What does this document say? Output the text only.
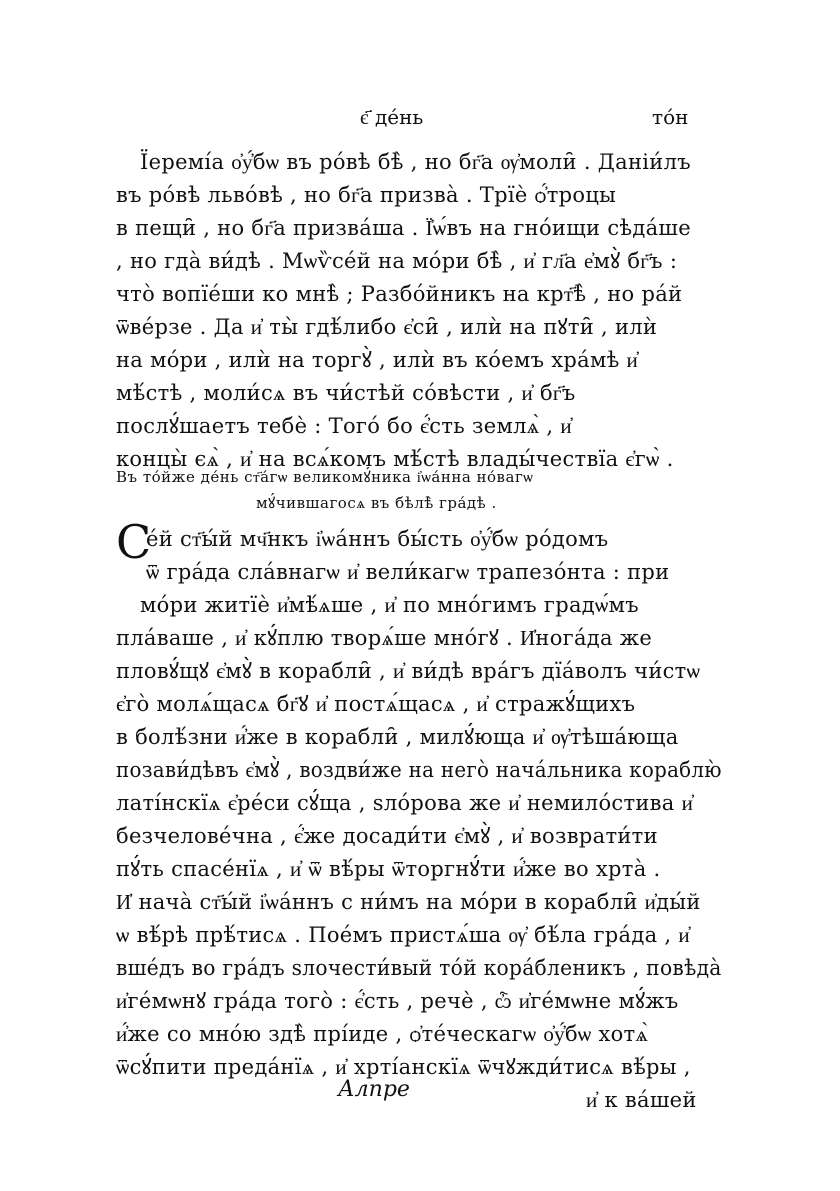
є҃ де́нь	то́н
Їеремі́а о҆у҆́бѡ въ ро́вѣ бѣ̀ , но бг҃а ѹ҆моли̑ . Даніи́лъ
въ ро́вѣ льво́вѣ , но бг҃а призва̀ . Трїѐ ѻ҆́троцы
в пещи̑ , но бг҃а призва́ша . Ї҆ѡ́въ на гно́ищи сѣда́ше
, но гда̀ ви́дѣ . Мѡѷсе́й на мо́ри бѣ̀ , и҆ гл҃а е҆мꙋ̀ бг҃ъ :
что̀ вопїе́ши ко мнѣ̀ ; Разбо́йникъ на крт҃ѣ̀ , но ра́й
ѿве́рзе . Да и҆ ты̀ гдѣ́либо є҆си̑ , илѝ на пꙋти̑ , илѝ
на мо́ри , илѝ на торгꙋ̀ , илѝ въ ко́емъ хра́мѣ и҆
мѣ́стѣ , моли́сѧ въ чи́стѣй со́вѣсти , и҆ бг҃ъ
послꙋ́шаетъ тебѐ : Того́ бо є҆́сть землѧ̀ , и҆
концы̀ єѧ̀ , и҆ на всѧ́комъ мѣ́стѣ влады́чествїа є҆гѡ̀ .
Въ то́йже де́нь ст҃а́гѡ великомꙋ́ника і҆ѡа́нна но́вагѡ
мꙋ́чившагосѧ въ бѣлѣ̀ гра́дѣ .
С
е́й ст҃ы́й мч҃нкъ і҆ѡа́ннъ бы́сть о҆у҆́бѡ ро́домъ
ѿ гра́да сла́внагѡ и҆ вели́кагѡ трапезо́нта : при
мо́ри житїѐ и҆мѣ́ѧше , и҆ по мно́гимъ градѡ́мъ
пла́ваше , и҆ кꙋ́плю творѧ́ше мно́гꙋ . И҆нога́да же
пловꙋ́щꙋ є҆мꙋ̀ в корабли̑ , и҆ ви́дѣ вра́гъ дїа́волъ чи́стѡ
є҆го̀ молѧ́щасѧ бг҃ꙋ и҆ постѧ́щасѧ , и҆ стражꙋ́щихъ
в болѣ́зни и҆́же в корабли̑ , милꙋ́юща и҆ ѹ҆тѣша́юща
позави́дѣвъ є҆мꙋ̀ , воздви́же на него̀ нача́льника кораблю̀
латі́нскїѧ є҆ре́си сꙋ́ща , ѕло́рова же и҆ немило́стива и҆
безчелове́чна , є҆́же досади́ти є҆мꙋ̀ , и҆ возврати́ти
пꙋ́ть спасе́нїѧ , и҆ ѿ вѣ́ры ѿторгнꙋ́ти и҆́же во хрта̀ .
И҆ нача̀ ст҃ы́й і҆ѡа́ннъ с ни́мъ на мо́ри в корабли̑ и҆ды́й
ѡ вѣ́рѣ прѣ́тисѧ . Пое́мъ пристѧ́ша ѹ҆ бѣ́ла гра́да , и҆
вше́дъ во гра́дъ ѕлочести́вый то́й кора́бленикъ , повѣда̀
и҆ге́мѡнꙋ гра́да того̀ : є҆́сть , речѐ , ѽ и҆ге́мѡне мꙋ́жъ
и҆́же со мно́ю здѣ̀ прі́иде , ѻ҆те́ческагѡ о҆у҆́бѡ хотѧ̀
ѿсꙋ́пити преда́нїѧ , и҆ хрті́анскїѧ ѿчꙋжди́тисѧ вѣ́ры ,
и҆ к ва́шей
Алпре
